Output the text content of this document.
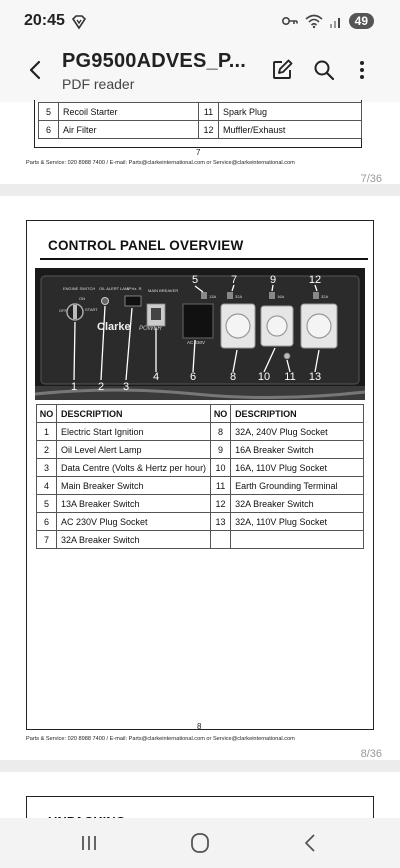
20:45	49
PG9500ADVES_P...
PDF reader
5	Recoil Starter	11	Spark Plug
6	Air Filter	12	Muffler/Exhaust
7
Parts & Service: 020 8988 7400 / E-mail: Parts@clarkeinternational.com or Service@clarkeinternational.com
7/36
CONTROL PANEL OVERVIEW
ENGINE SWITCH OIL ALERT LAMP
V. Hz. R. MAIN BREAKER
OFF
ON
START
Clarke POWER
AC 230V
13A	32A	16A	32A
5	7	9	12
1 2 3
4	6	8 10 11 13
NO	DESCRIPTION	NO	DESCRIPTION
1	Electric Start Ignition	8	32A, 240V Plug Socket
2	Oil Level Alert Lamp	9	16A Breaker Switch
3	Data Centre (Volts & Hertz per hour)	10	16A, 110V Plug Socket
4	Main Breaker Switch	11	Earth Grounding Terminal
5	13A Breaker Switch	12	32A Breaker Switch
6	AC 230V Plug Socket	13	32A, 110V Plug Socket
7	32A Breaker Switch		
8
Parts & Service: 020 8988 7400 / E-mail: Parts@clarkeinternational.com or Service@clarkeinternational.com
8/36
